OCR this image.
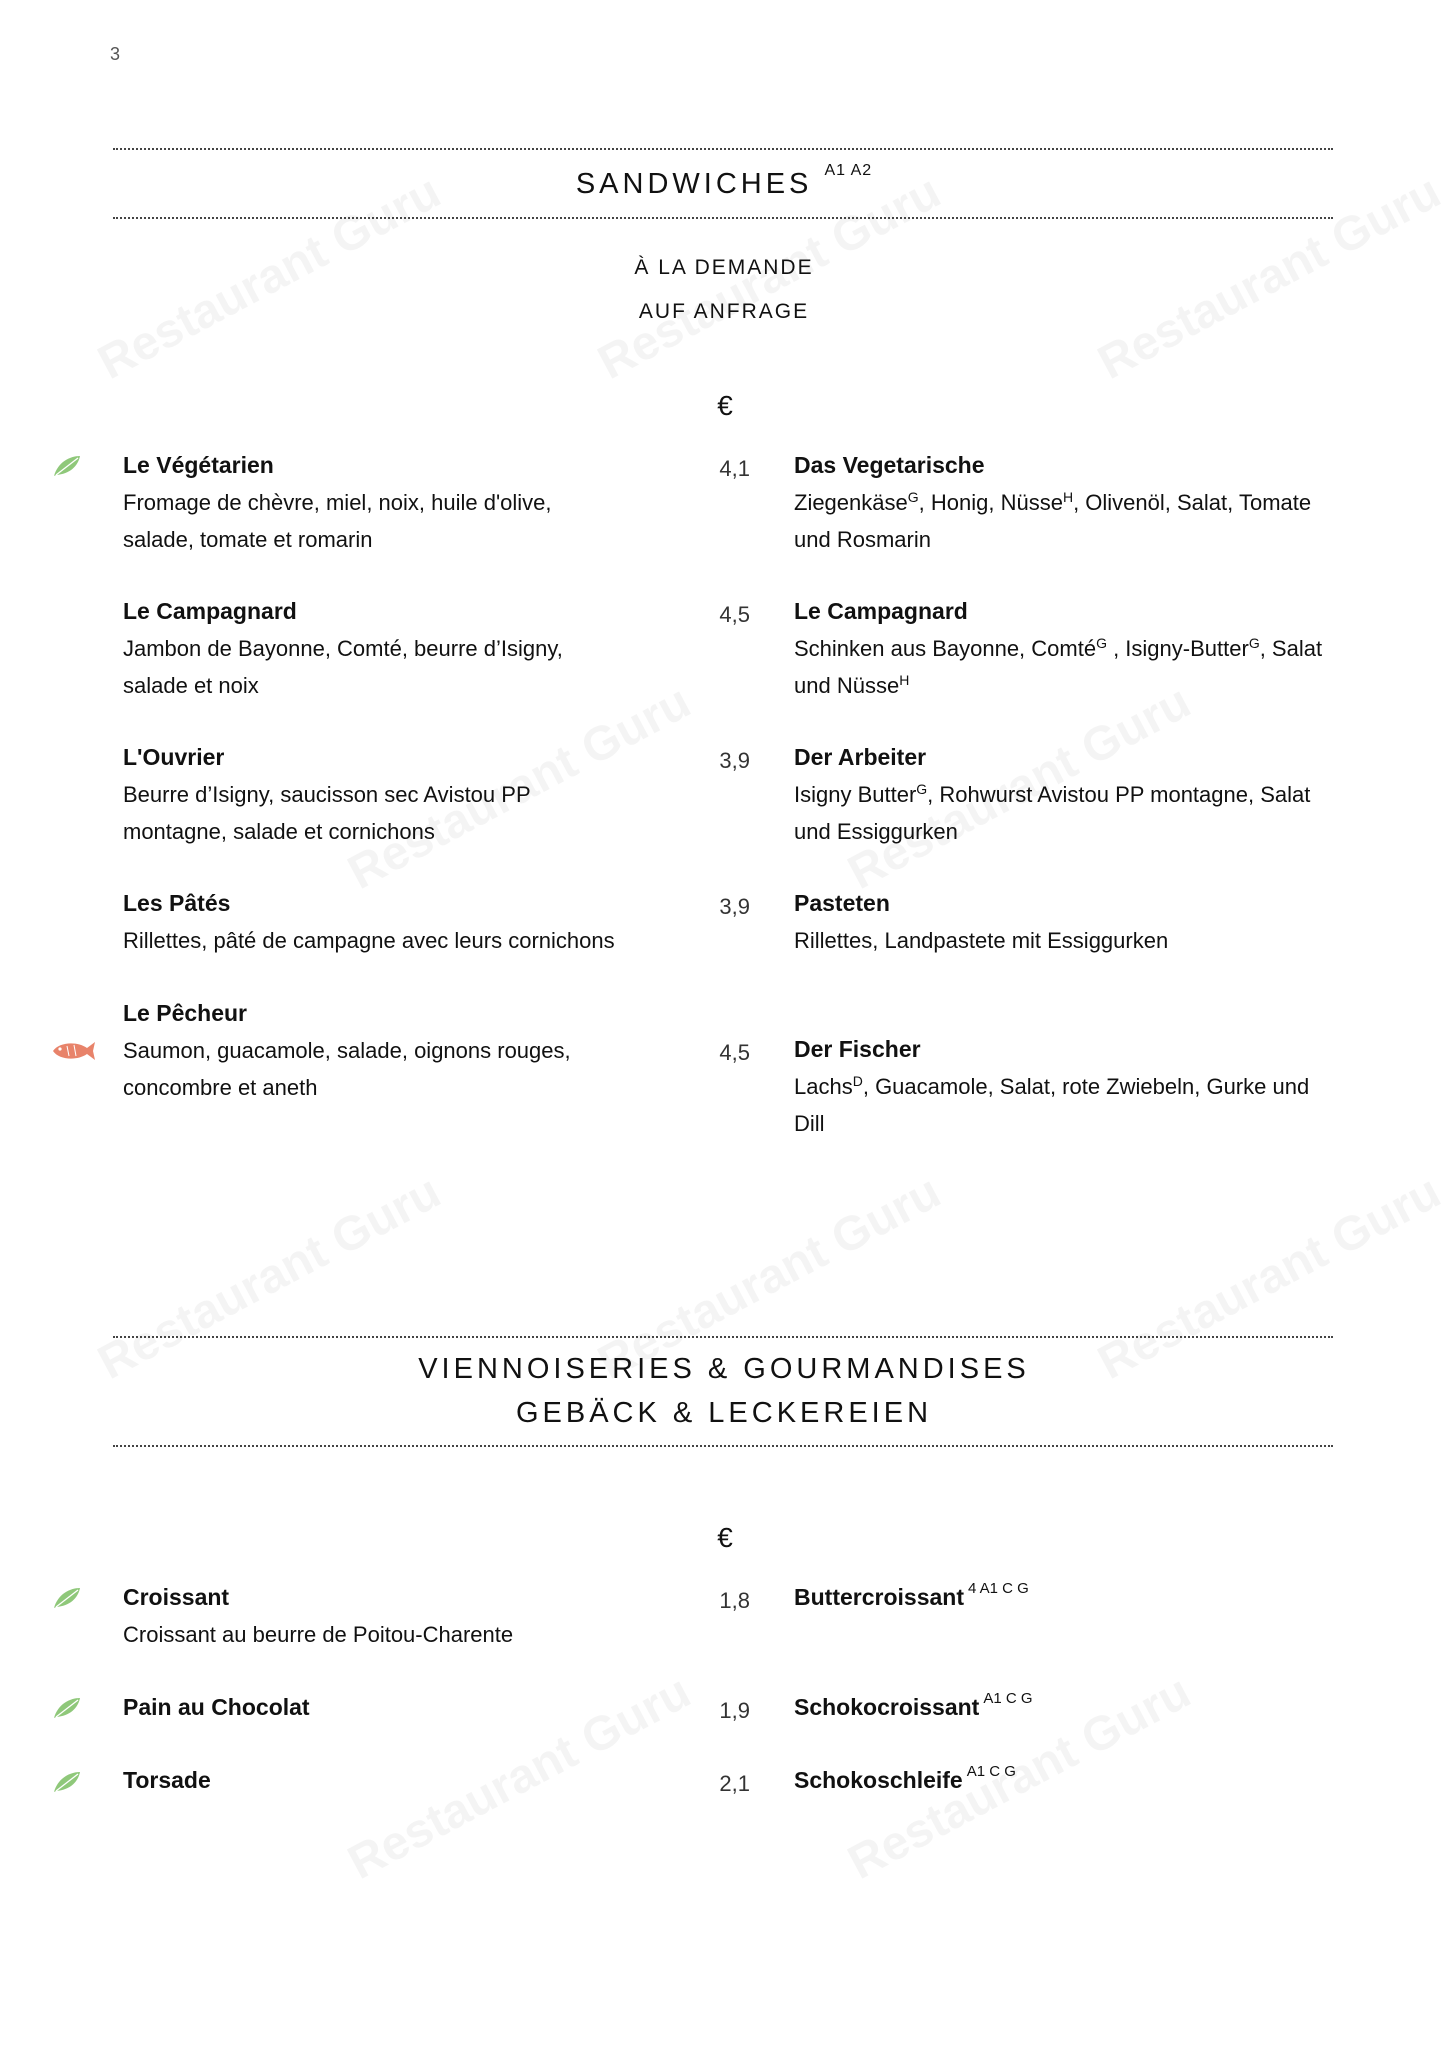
3
SANDWICHES $^{A1 A2}$
À LA DEMANDE
AUF ANFRAGE
€
Le Végétarien
Fromage de chèvre, miel, noix, huile d'olive,
salade, tomate et romarin
4,1 Das Vegetarische
Ziegenkäse$^G$, Honig, Nüsse$^H$, Olivenöl, Salat, Tomate
und Rosmarin
Le Campagnard
Jambon de Bayonne, Comté, beurre d’Isigny,
salade et noix
4,5 Le Campagnard
Schinken aus Bayonne, Comté$^G$ , Isigny-Butter$^G$, Salat
und Nüsse$^H$
L'Ouvrier
Beurre d’Isigny, saucisson sec Avistou PP
montagne, salade et cornichons
3,9 Der Arbeiter
Isigny Butter$^G$, Rohwurst Avistou PP montagne, Salat
und Essiggurken
Les Pâtés
Rillettes, pâté de campagne avec leurs cornichons
3,9 Pasteten
Rillettes, Landpastete mit Essiggurken
Le Pêcheur
Saumon, guacamole, salade, oignons rouges,
concombre et aneth
4,5 Der Fischer
Lachs$^D$, Guacamole, Salat, rote Zwiebeln, Gurke und
Dill
VIENNOISERIES & GOURMANDISES
GEBÄCK & LECKEREIEN
€
Croissant
Croissant au beurre de Poitou-Charente
1,8 Buttercroissant $^{4 A1 C G}$
Pain au Chocolat	1,9 Schokocroissant $^{A1 C G}$
Torsade	2,1 Schokoschleife $^{A1 C G}$
